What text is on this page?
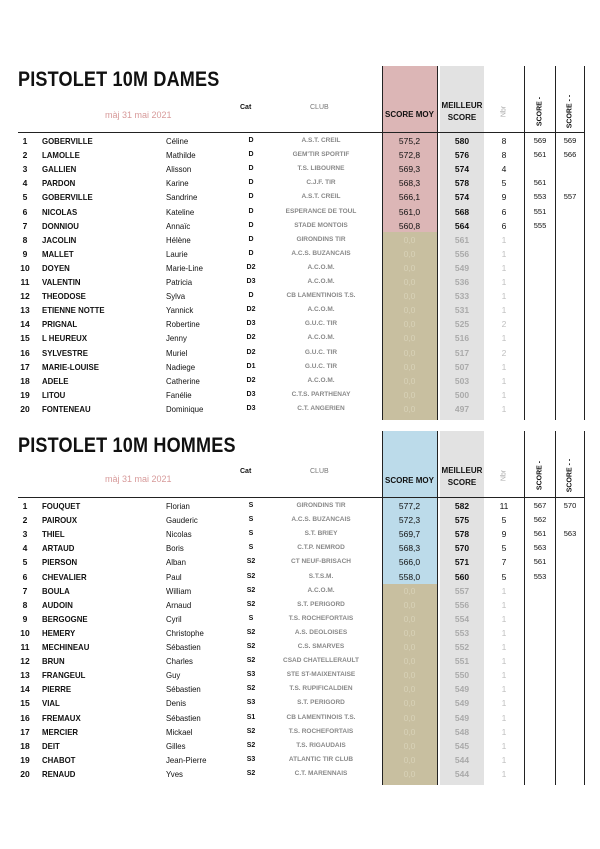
PISTOLET 10M DAMES
màj 31 mai 2021
Cat	CLUB
SCORE MOY
MEILLEUR
SCORE
Nbr	SCORE -	SCORE - -
1	GOBERVILLE	Céline	D	A.S.T. CREIL	575,2	580	8	569	569
2	LAMOLLE	Mathilde	D	GEM'TIR SPORTIF	572,8	576	8	561	566
3	GALLIEN	Alisson	D	T.S. LIBOURNE	569,3	574	4
4	PARDON	Karine	D	C.J.F. TIR	568,3	578	5	561
5	GOBERVILLE	Sandrine	D	A.S.T. CREIL	566,1	574	9	553	557
6	NICOLAS	Kateline	D	ESPERANCE DE TOUL	561,0	568	6	551
7	DONNIOU	Annaïc	D	STADE MONTOIS	560,8	564	6	555
8	JACOLIN	Hélène	D	GIRONDINS TIR	0,0	561	1
9	MALLET	Laurie	D	A.C.S. BUZANCAIS	0,0	556	1
10 DOYEN	Marie-Line	D2	A.C.O.M.	0,0	549	1
11 VALENTIN	Patricia	D3	A.C.O.M.	0,0	536	1
12 THEODOSE	Sylva	D	CB LAMENTINOIS T.S.	0,0	533	1
13 ETIENNE NOTTE	Yannick	D2	A.C.O.M.	0,0	531	1
14 PRIGNAL	Robertine	D3	G.U.C. TIR	0,0	525	2
15 L HEUREUX	Jenny	D2	A.C.O.M.	0,0	516	1
16 SYLVESTRE	Muriel	D2	G.U.C. TIR	0,0	517	2
17 MARIE-LOUISE	Nadiege	D1	G.U.C. TIR	0,0	507	1
18 ADELE	Catherine	D2	A.C.O.M.	0,0	503	1
19 LITOU	Fanélie	D3	C.T.S. PARTHENAY	0,0	500	1
20 FONTENEAU	Dominique	D3	C.T. ANGERIEN	0,0	497	1
PISTOLET 10M HOMMES
màj 31 mai 2021
Cat	CLUB
SCORE MOY
MEILLEUR
SCORE
Nbr	SCORE -	SCORE - -
1	FOUQUET	Florian	S	GIRONDINS TIR	577,2	582	11	567	570
2	PAIROUX	Gauderic	S	A.C.S. BUZANCAIS	572,3	575	5	562
3	THIEL	Nicolas	S	S.T. BRIEY	569,7	578	9	561	563
4	ARTAUD	Boris	S	C.T.P. NEMROD	568,3	570	5	563
5	PIERSON	Alban	S2	CT NEUF-BRISACH	566,0	571	7	561
6	CHEVALIER	Paul	S2	S.T.S.M.	558,0	560	5	553
7	BOULA	William	S2	A.C.O.M.	0,0	557	1
8	AUDOIN	Arnaud	S2	S.T. PERIGORD	0,0	556	1
9	BERGOGNE	Cyril	S	T.S. ROCHEFORTAIS	0,0	554	1
10 HEMERY	Christophe	S2	A.S. DEOLOISES	0,0	553	1
11 MECHINEAU	Sébastien	S2	C.S. SMARVES	0,0	552	1
12 BRUN	Charles	S2	CSAD CHATELLERAULT	0,0	551	1
13 FRANGEUL	Guy	S3	STE ST-MAIXENTAISE	0,0	550	1
14 PIERRE	Sébastien	S2	T.S. RUPIFICALDIEN	0,0	549	1
15 VIAL	Denis	S3	S.T. PERIGORD	0,0	549	1
16 FREMAUX	Sébastien	S1	CB LAMENTINOIS T.S.	0,0	549	1
17 MERCIER	Mickael	S2	T.S. ROCHEFORTAIS	0,0	548	1
18 DEIT	Gilles	S2	T.S. RIGAUDAIS	0,0	545	1
19 CHABOT	Jean-Pierre	S3	ATLANTIC TIR CLUB	0,0	544	1
20 RENAUD	Yves	S2	C.T. MARENNAIS	0,0	544	1
